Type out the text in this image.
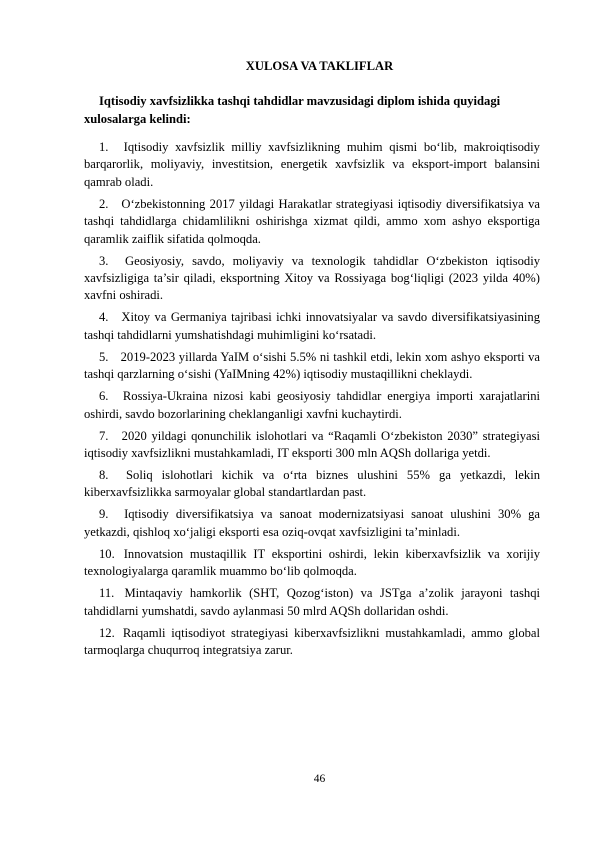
XULOSA VA TAKLIFLAR

Iqtisodiy xavfsizlikka tashqi tahdidlar mavzusidagi diplom ishida quyidagi xulosalarga kelindi:

1. Iqtisodiy xavfsizlik milliy xavfsizlikning muhim qismi bo‘lib, makroiqtisodiy barqarorlik, moliyaviy, investitsion, energetik xavfsizlik va eksport-import balansini qamrab oladi.
2. O‘zbekistonning 2017 yildagi Harakatlar strategiyasi iqtisodiy diversifikatsiya va tashqi tahdidlarga chidamlilikni oshirishga xizmat qildi, ammo xom ashyo eksportiga qaramlik zaiflik sifatida qolmoqda.
3. Geosiyosiy, savdo, moliyaviy va texnologik tahdidlar O‘zbekiston iqtisodiy xavfsizligiga ta’sir qiladi, eksportning Xitoy va Rossiyaga bog‘liqligi (2023 yilda 40%) xavfni oshiradi.
4. Xitoy va Germaniya tajribasi ichki innovatsiyalar va savdo diversifikatsiyasining tashqi tahdidlarni yumshatishdagi muhimligini ko‘rsatadi.
5. 2019-2023 yillarda YaIM o‘sishi 5.5% ni tashkil etdi, lekin xom ashyo eksporti va tashqi qarzlarning o‘sishi (YaIMning 42%) iqtisodiy mustaqillikni cheklaydi.
6. Rossiya-Ukraina nizosi kabi geosiyosiy tahdidlar energiya importi xarajatlarini oshirdi, savdo bozorlarining cheklanganligi xavfni kuchaytirdi.
7. 2020 yildagi qonunchilik islohotlari va “Raqamli O‘zbekiston 2030” strategiyasi iqtisodiy xavfsizlikni mustahkamladi, IT eksporti 300 mln AQSh dollariga yetdi.
8. Soliq islohotlari kichik va o‘rta biznes ulushini 55% ga yetkazdi, lekin kiberxavfsizlikka sarmoyalar global standartlardan past.
9. Iqtisodiy diversifikatsiya va sanoat modernizatsiyasi sanoat ulushini 30% ga yetkazdi, qishloq xo‘jaligi eksporti esa oziq-ovqat xavfsizligini ta’minladi.
10. Innovatsion mustaqillik IT eksportini oshirdi, lekin kiberxavfsizlik va xorijiy texnologiyalarga qaramlik muammo bo‘lib qolmoqda.
11. Mintaqaviy hamkorlik (SHT, Qozog‘iston) va JSTga a’zolik jarayoni tashqi tahdidlarni yumshatdi, savdo aylanmasi 50 mlrd AQSh dollaridan oshdi.
12. Raqamli iqtisodiyot strategiyasi kiberxavfsizlikni mustahkamladi, ammo global tarmoqlarga chuqurroq integratsiya zarur.
46
